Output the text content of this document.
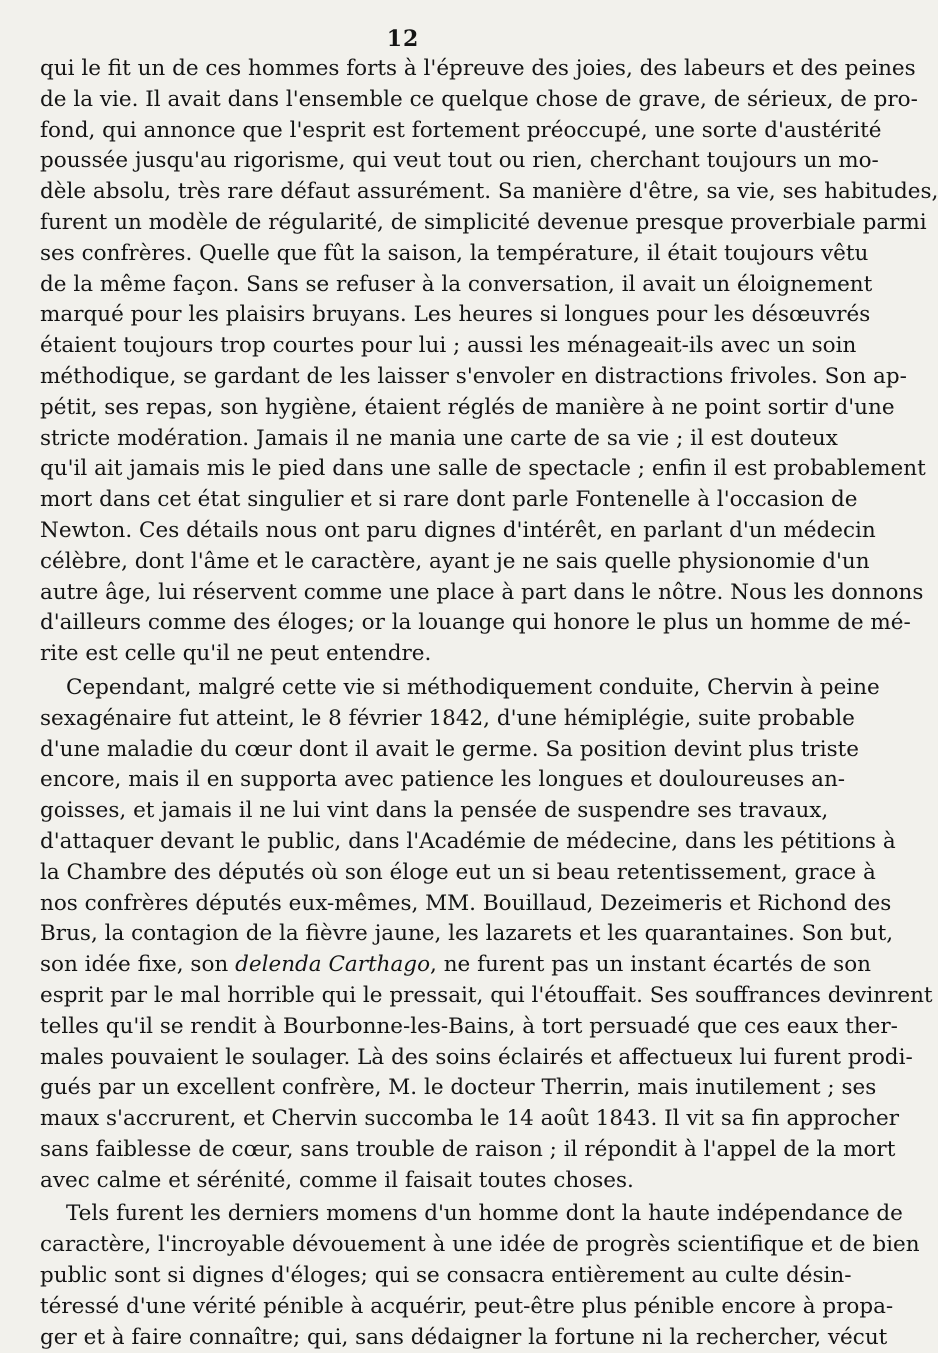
12

qui le fit un de ces hommes forts à l'épreuve des joies, des labeurs et des peines
de la vie. Il avait dans l'ensemble ce quelque chose de grave, de sérieux, de pro-
fond, qui annonce que l'esprit est fortement préoccupé, une sorte d'austérité
poussée jusqu'au rigorisme, qui veut tout ou rien, cherchant toujours un mo-
dèle absolu, très rare défaut assurément. Sa manière d'être, sa vie, ses habitudes,
furent un modèle de régularité, de simplicité devenue presque proverbiale parmi
ses confrères. Quelle que fût la saison, la température, il était toujours vêtu
de la même façon. Sans se refuser à la conversation, il avait un éloignement
marqué pour les plaisirs bruyans. Les heures si longues pour les désœuvrés
étaient toujours trop courtes pour lui ; aussi les ménageait-ils avec un soin
méthodique, se gardant de les laisser s'envoler en distractions frivoles. Son ap-
pétit, ses repas, son hygiène, étaient réglés de manière à ne point sortir d'une
stricte modération. Jamais il ne mania une carte de sa vie ; il est douteux
qu'il ait jamais mis le pied dans une salle de spectacle ; enfin il est probablement
mort dans cet état singulier et si rare dont parle Fontenelle à l'occasion de
Newton. Ces détails nous ont paru dignes d'intérêt, en parlant d'un médecin
célèbre, dont l'âme et le caractère, ayant je ne sais quelle physionomie d'un
autre âge, lui réservent comme une place à part dans le nôtre. Nous les donnons
d'ailleurs comme des éloges; or la louange qui honore le plus un homme de mé-
rite est celle qu'il ne peut entendre.

Cependant, malgré cette vie si méthodiquement conduite, Chervin à peine
sexagénaire fut atteint, le 8 février 1842, d'une hémiplégie, suite probable
d'une maladie du cœur dont il avait le germe. Sa position devint plus triste
encore, mais il en supporta avec patience les longues et douloureuses an-
goisses, et jamais il ne lui vint dans la pensée de suspendre ses travaux,
d'attaquer devant le public, dans l'Académie de médecine, dans les pétitions à
la Chambre des députés où son éloge eut un si beau retentissement, grace à
nos confrères députés eux-mêmes, MM. Bouillaud, Dezeimeris et Richond des
Brus, la contagion de la fièvre jaune, les lazarets et les quarantaines. Son but,
son idée fixe, son delenda Carthago, ne furent pas un instant écartés de son
esprit par le mal horrible qui le pressait, qui l'étouffait. Ses souffrances devinrent
telles qu'il se rendit à Bourbonne-les-Bains, à tort persuadé que ces eaux ther-
males pouvaient le soulager. Là des soins éclairés et affectueux lui furent prodi-
gués par un excellent confrère, M. le docteur Therrin, mais inutilement ; ses
maux s'accrurent, et Chervin succomba le 14 août 1843. Il vit sa fin approcher
sans faiblesse de cœur, sans trouble de raison ; il répondit à l'appel de la mort
avec calme et sérénité, comme il faisait toutes choses.

Tels furent les derniers momens d'un homme dont la haute indépendance de
caractère, l'incroyable dévouement à une idée de progrès scientifique et de bien
public sont si dignes d'éloges; qui se consacra entièrement au culte désin-
téressé d'une vérité pénible à acquérir, peut-être plus pénible encore à propa-
ger et à faire connaître; qui, sans dédaigner la fortune ni la rechercher, vécut
